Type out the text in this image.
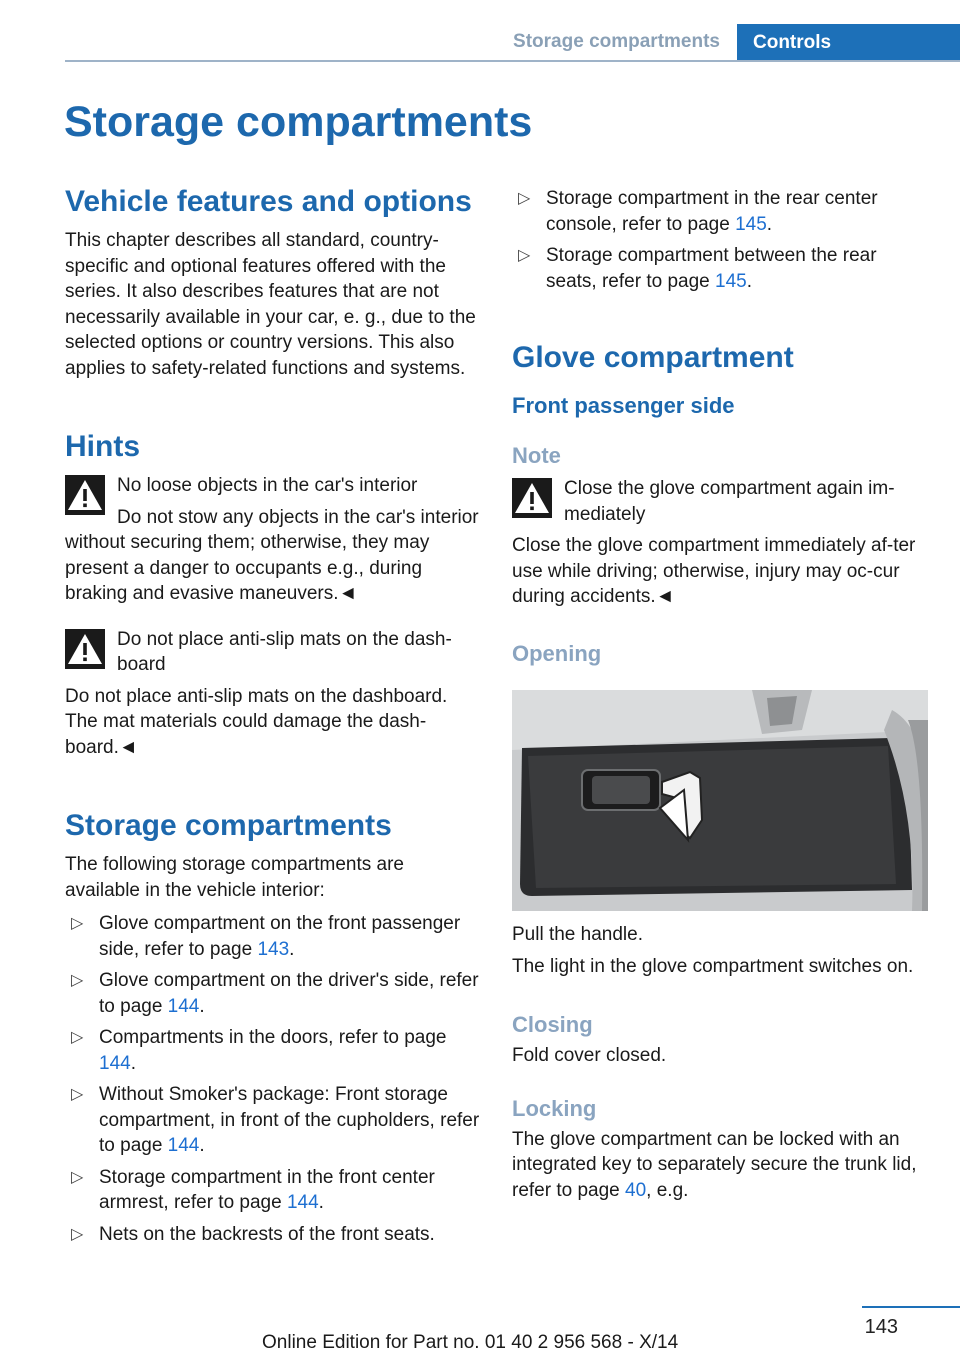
Storage compartments	Controls
Storage compartments
Vehicle features and options

This chapter describes all standard, country-specific and optional features offered with the series. It also describes features that are not necessarily available in your car, e. g., due to the selected options or country versions. This also applies to safety-related functions and systems.

Hints
No loose objects in the car's interior

Do not stow any objects in the car's interior without securing them; otherwise, they may present a danger to occupants e.g., during braking and evasive maneuvers.◄

Do not place anti-slip mats on the dash-board

Do not place anti-slip mats on the dashboard. The mat materials could damage the dash-board.◄

Storage compartments

The following storage compartments are available in the vehicle interior:

▷ Glove compartment on the front passenger side, refer to page 143.
▷ Glove compartment on the driver's side, refer to page 144.
▷ Compartments in the doors, refer to page 144.
▷ Without Smoker's package: Front storage compartment, in front of the cupholders, refer to page 144.
▷ Storage compartment in the front center armrest, refer to page 144.
▷ Nets on the backrests of the front seats.
▷ Storage compartment in the rear center console, refer to page 145.
▷ Storage compartment between the rear seats, refer to page 145.
Glove compartment
Front passenger side
Note
Close the glove compartment again im-mediately

Close the glove compartment immediately af-ter use while driving; otherwise, injury may oc-cur during accidents.◄

Opening

Pull the handle.

The light in the glove compartment switches on.

Closing

Fold cover closed.

Locking

The glove compartment can be locked with an integrated key to separately secure the trunk lid, refer to page 40, e.g.

143
Online Edition for Part no. 01 40 2 956 568 - X/14
